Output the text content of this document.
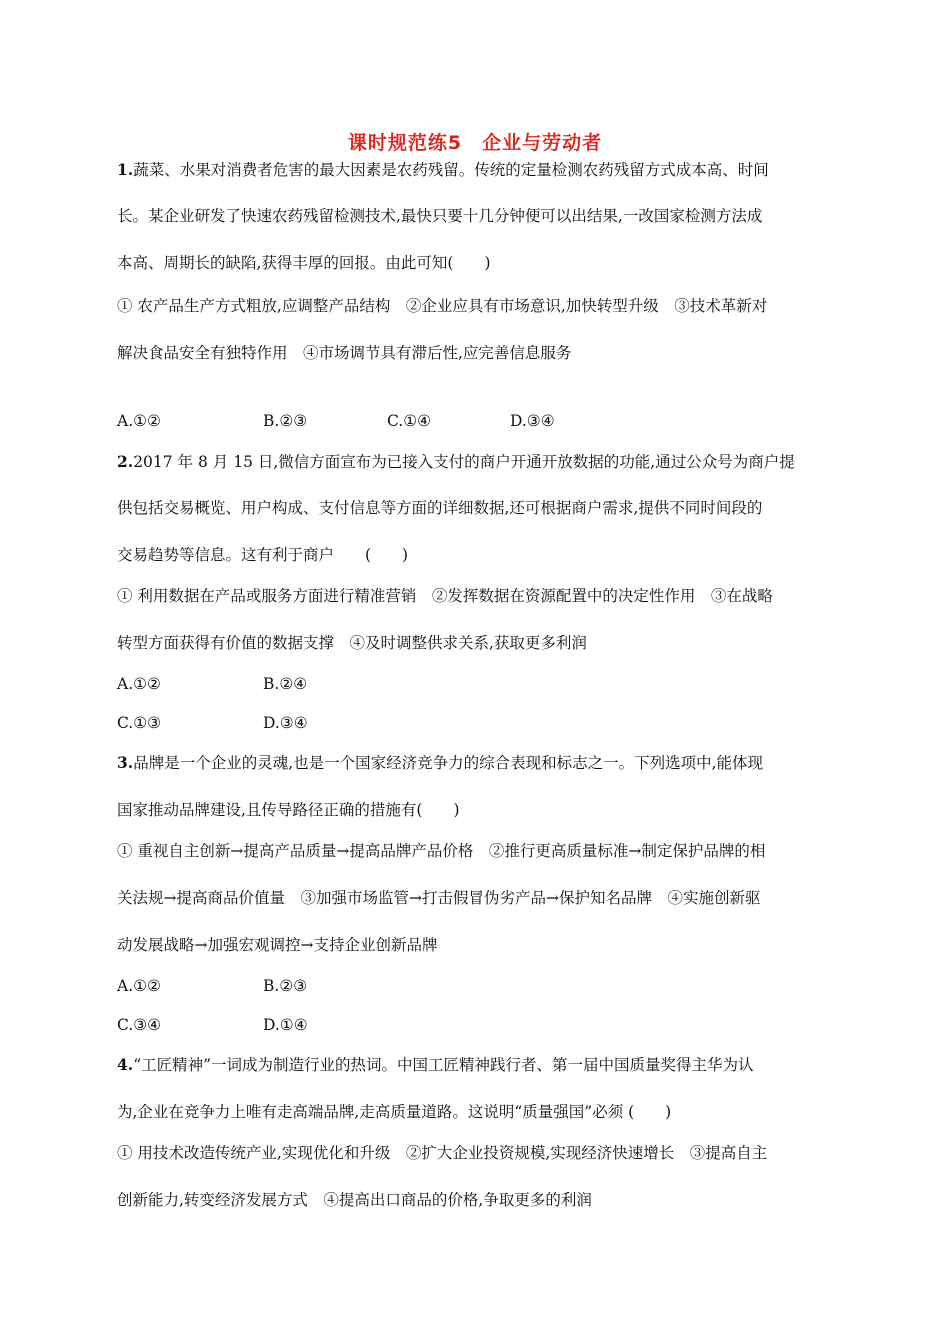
课时规范练5　企业与劳动者
1.蔬菜、水果对消费者危害的最大因素是农药残留。传统的定量检测农药残留方式成本高、时间
长。某企业研发了快速农药残留检测技术,最快只要十几分钟便可以出结果,一改国家检测方法成
本高、周期长的缺陷,获得丰厚的回报。由此可知(　　)
① 农产品生产方式粗放,应调整产品结构　②企业应具有市场意识,加快转型升级　③技术革新对
解决食品安全有独特作用　④市场调节具有滞后性,应完善信息服务
A.①②	B.②③	C.①④	D.③④
2.2017 年 8 月 15 日,微信方面宣布为已接入支付的商户开通开放数据的功能,通过公众号为商户提
供包括交易概览、用户构成、支付信息等方面的详细数据,还可根据商户需求,提供不同时间段的
交易趋势等信息。这有利于商户　　(　　)
① 利用数据在产品或服务方面进行精准营销　②发挥数据在资源配置中的决定性作用　③在战略
转型方面获得有价值的数据支撑　④及时调整供求关系,获取更多利润
A.①②	B.②④
C.①③	D.③④
3.品牌是一个企业的灵魂,也是一个国家经济竞争力的综合表现和标志之一。下列选项中,能体现
国家推动品牌建设,且传导路径正确的措施有(　　)
① 重视自主创新→提高产品质量→提高品牌产品价格　②推行更高质量标准→制定保护品牌的相
关法规→提高商品价值量　③加强市场监管→打击假冒伪劣产品→保护知名品牌　④实施创新驱
动发展战略→加强宏观调控→支持企业创新品牌
A.①②	B.②③
C.③④	D.①④
4.“工匠精神”一词成为制造行业的热词。中国工匠精神践行者、第一届中国质量奖得主华为认
为,企业在竞争力上唯有走高端品牌,走高质量道路。这说明“质量强国”必须 (　　)
① 用技术改造传统产业,实现优化和升级　②扩大企业投资规模,实现经济快速增长　③提高自主
创新能力,转变经济发展方式　④提高出口商品的价格,争取更多的利润
